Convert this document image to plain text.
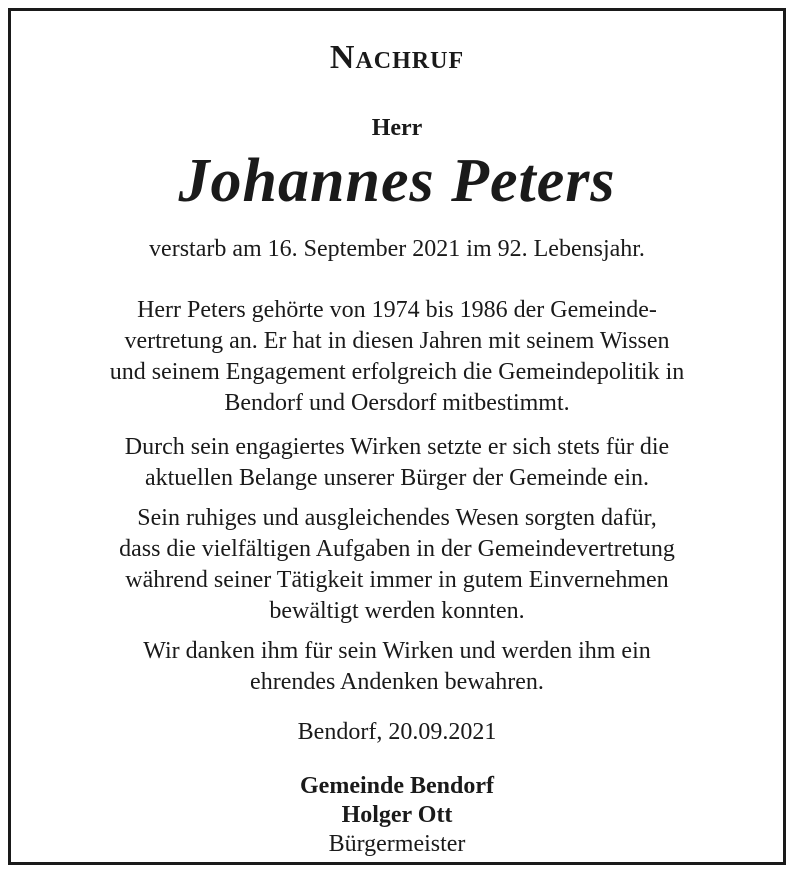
Nachruf
Herr
Johannes Peters
verstarb am 16. September 2021 im 92. Lebensjahr.
Herr Peters gehörte von 1974 bis 1986 der Gemeinde-
vertretung an. Er hat in diesen Jahren mit seinem Wissen
und seinem Engagement erfolgreich die Gemeindepolitik in
Bendorf und Oersdorf mitbestimmt.
Durch sein engagiertes Wirken setzte er sich stets für die
aktuellen Belange unserer Bürger der Gemeinde ein.
Sein ruhiges und ausgleichendes Wesen sorgten dafür,
dass die vielfältigen Aufgaben in der Gemeindevertretung
während seiner Tätigkeit immer in gutem Einvernehmen
bewältigt werden konnten.
Wir danken ihm für sein Wirken und werden ihm ein
ehrendes Andenken bewahren.
Bendorf, 20.09.2021
Gemeinde Bendorf
Holger Ott
Bürgermeister
